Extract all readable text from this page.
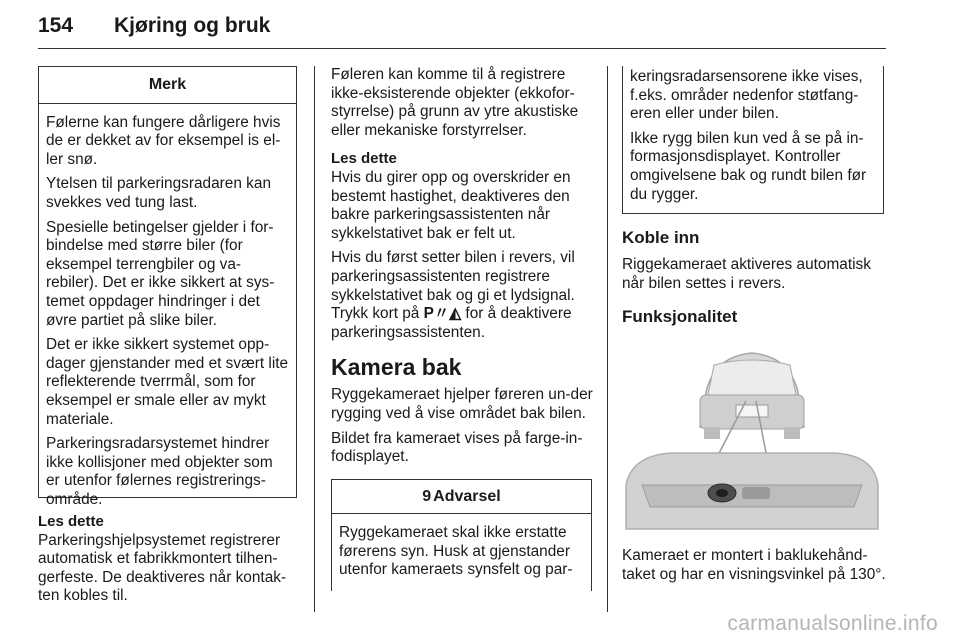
154 Kjøring og bruk
Merk

Følerne kan fungere dårligere hvis de er dekket av for eksempel is el-ler snø.

Ytelsen til parkeringsradaren kan svekkes ved tung last.

Spesielle betingelser gjelder i for-bindelse med større biler (for eksempel terrengbiler og va-rebiler). Det er ikke sikkert at sys-temet oppdager hindringer i det øvre partiet på slike biler.

Det er ikke sikkert systemet opp-dager gjenstander med et svært lite reflekterende tverrmål, som for eksempel er smale eller av mykt materiale.

Parkeringsradarsystemet hindrer ikke kollisjoner med objekter som er utenfor følernes registrerings-område.

Les dette

Parkeringshjelpsystemet registrerer automatisk et fabrikkmontert tilhen-gerfeste. De deaktiveres når kontak-ten kobles til.

Føleren kan komme til å registrere ikke-eksisterende objekter (ekkofor-styrrelse) på grunn av ytre akustiske eller mekaniske forstyrrelser.

Les dette

Hvis du girer opp og overskrider en bestemt hastighet, deaktiveres den bakre parkeringsassistenten når sykkelstativet bak er felt ut.

Hvis du først setter bilen i revers, vil parkeringsassistenten registrere sykkelstativet bak og gi et lydsignal. Trykk kort på P〃◭ for å deaktivere parkeringsassistenten.

Kamera bak

Ryggekameraet hjelper føreren un-der rygging ved å vise området bak bilen.

Bildet fra kameraet vises på farge-in-fodisplayet.

9 Advarsel

Ryggekameraet skal ikke erstatte førerens syn. Husk at gjenstander utenfor kameraets synsfelt og par-

keringsradarsensorene ikke vises, f.eks. områder nedenfor støtfang-eren eller under bilen.

Ikke rygg bilen kun ved å se på in-formasjonsdisplayet. Kontroller omgivelsene bak og rundt bilen før du rygger.

Koble inn

Riggekameraet aktiveres automatisk når bilen settes i revers.

Funksjonalitet

Kameraet er montert i baklukehånd-taket og har en visningsvinkel på 130°.

carmanualsonline.info
